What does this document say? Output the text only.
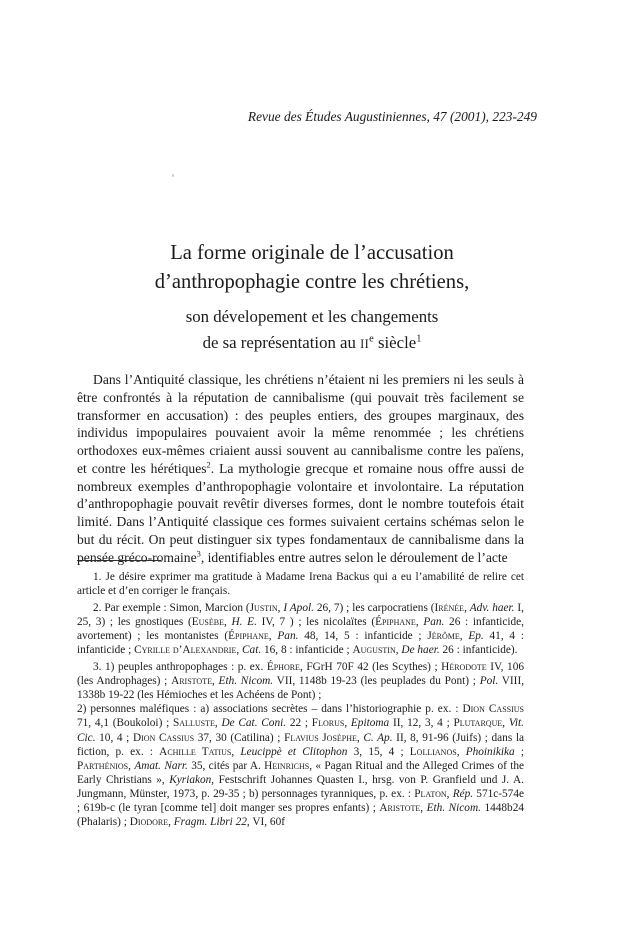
Revue des Études Augustiniennes, 47 (2001), 223-249
La forme originale de l’accusation
d’anthropophagie contre les chrétiens,
son dévelopement et les changements
de sa représentation au IIe siècle$^1$
Dans l’Antiquité classique, les chrétiens n’étaient ni les premiers ni les seuls à être confrontés à la réputation de cannibalisme (qui pouvait très facilement se transformer en accusation) : des peuples entiers, des groupes marginaux, des individus impopulaires pouvaient avoir la même renommée ; les chrétiens orthodoxes eux-mêmes criaient aussi souvent au cannibalisme contre les païens, et contre les hérétiques$^2$. La mythologie grecque et romaine nous offre aussi de nombreux exemples d’anthropophagie volontaire et involontaire. La réputation d’anthropophagie pouvait revêtir diverses formes, dont le nombre toutefois était limité. Dans l’Antiquité classique ces formes suivaient certains schémas selon le but du récit. On peut distinguer six types fondamentaux de cannibalisme dans la pensée gréco-romaine$^3$, identifiables entre autres selon le déroulement de l’acte

1. Je désire exprimer ma gratitude à Madame Irena Backus qui a eu l’amabilité de relire cet article et d’en corriger le français.

2. Par exemple : Simon, Marcion (Justin, I Apol. 26, 7) ; les carpocratiens (Irénée, Adv. haer. I, 25, 3) ; les gnostiques (Eusèbe, H. E. IV, 7 ) ; les nicolaïtes (Épiphane, Pan. 26 : infanticide, avortement) ; les montanistes (Épiphane, Pan. 48, 14, 5 : infanticide ; Jérôme, Ep. 41, 4 : infanticide ; Cyrille d’Alexandrie, Cat. 16, 8 : infanticide ; Augustin, De haer. 26 : infanticide).

3. 1) peuples anthropophages : p. ex. Éphore, FGrH 70F 42 (les Scythes) ; Hérodote IV, 106 (les Androphages) ; Aristote, Eth. Nicom. VII, 1148b 19-23 (les peuplades du Pont) ; Pol. VIII, 1338b 19-22 (les Hémioches et les Achéens de Pont) ;

2) personnes maléfiques : a) associations secrètes – dans l’historiographie p. ex. : Dion Cassius 71, 4,1 (Boukoloi) ; Salluste, De Cat. Coni. 22 ; Florus, Epitoma II, 12, 3, 4 ; Plutarque, Vit. Cic. 10, 4 ; Dion Cassius 37, 30 (Catilina) ; Flavius Josèphe, C. Ap. II, 8, 91-96 (Juifs) ; dans la fiction, p. ex. : Achille Tatius, Leucippè et Clitophon 3, 15, 4 ; Lollianos, Phoinikika ; Parthénios, Amat. Narr. 35, cités par A. Heinrichs, « Pagan Ritual and the Alleged Crimes of the Early Christians », Kyriakon, Festschrift Johannes Quasten I., hrsg. von P. Granfield und J. A. Jungmann, Münster, 1973, p. 29-35 ; b) personnages tyranniques, p. ex. : Platon, Rép. 571c-574e ; 619b-c (le tyran [comme tel] doit manger ses propres enfants) ; Aristote, Eth. Nicom. 1448b24 (Phalaris) ; Diodore, Fragm. Libri 22, VI, 60f
